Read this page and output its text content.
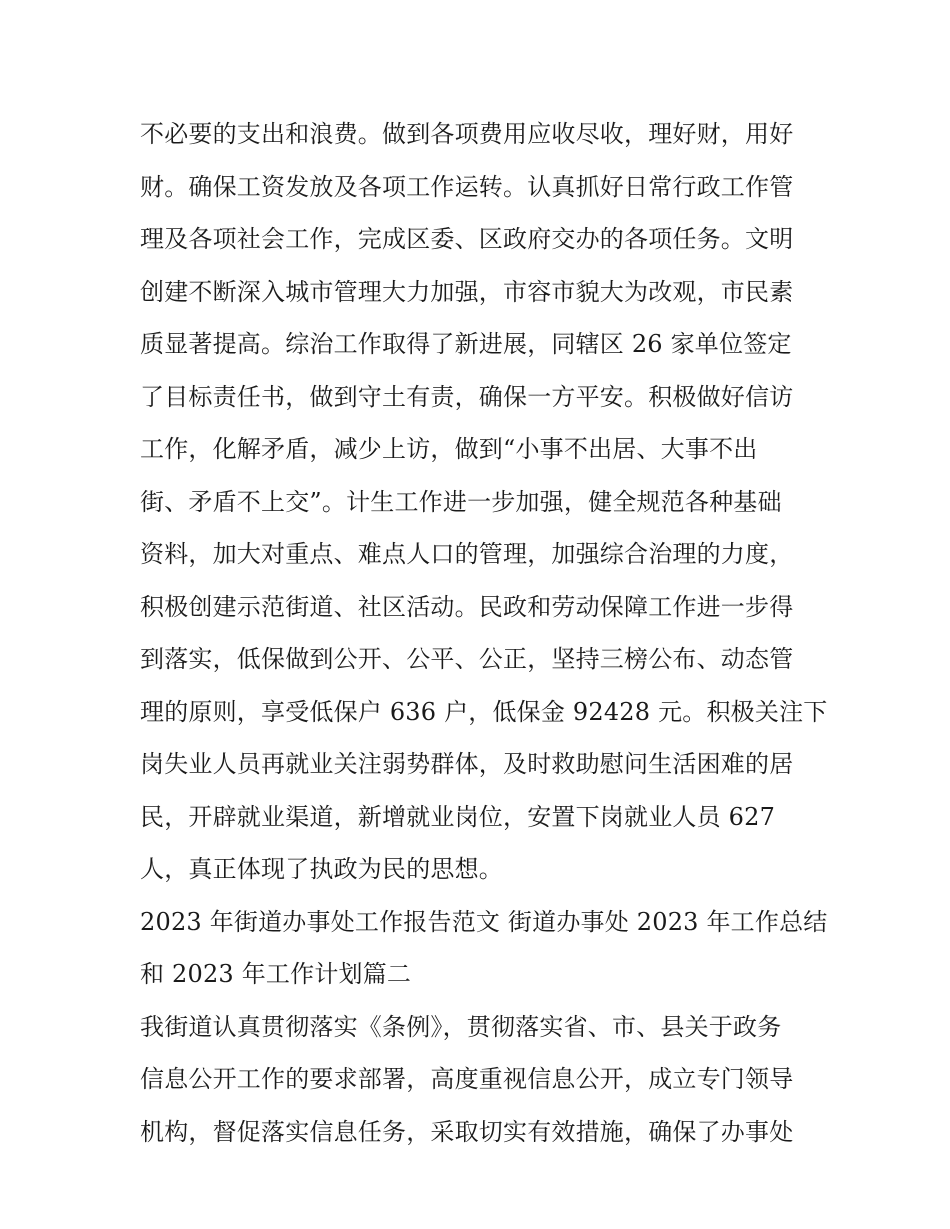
不必要的支出和浪费。做到各项费用应收尽收，理好财，用好
财。确保工资发放及各项工作运转。认真抓好日常行政工作管
理及各项社会工作，完成区委、区政府交办的各项任务。文明
创建不断深入城市管理大力加强，市容市貌大为改观，市民素
质显著提高。综治工作取得了新进展，同辖区 26 家单位签定
了目标责任书，做到守土有责，确保一方平安。积极做好信访
工作，化解矛盾，减少上访，做到“小事不出居、大事不出
街、矛盾不上交”。计生工作进一步加强，健全规范各种基础
资料，加大对重点、难点人口的管理，加强综合治理的力度，
积极创建示范街道、社区活动。民政和劳动保障工作进一步得
到落实，低保做到公开、公平、公正，坚持三榜公布、动态管
理的原则，享受低保户 636 户，低保金 92428 元。积极关注下
岗失业人员再就业关注弱势群体，及时救助慰问生活困难的居
民，开辟就业渠道，新增就业岗位，安置下岗就业人员 627
人，真正体现了执政为民的思想。
2023 年街道办事处工作报告范文 街道办事处 2023 年工作总结
和 2023 年工作计划篇二
我街道认真贯彻落实《条例》，贯彻落实省、市、县关于政务
信息公开工作的要求部署，高度重视信息公开，成立专门领导
机构，督促落实信息任务，采取切实有效措施，确保了办事处
